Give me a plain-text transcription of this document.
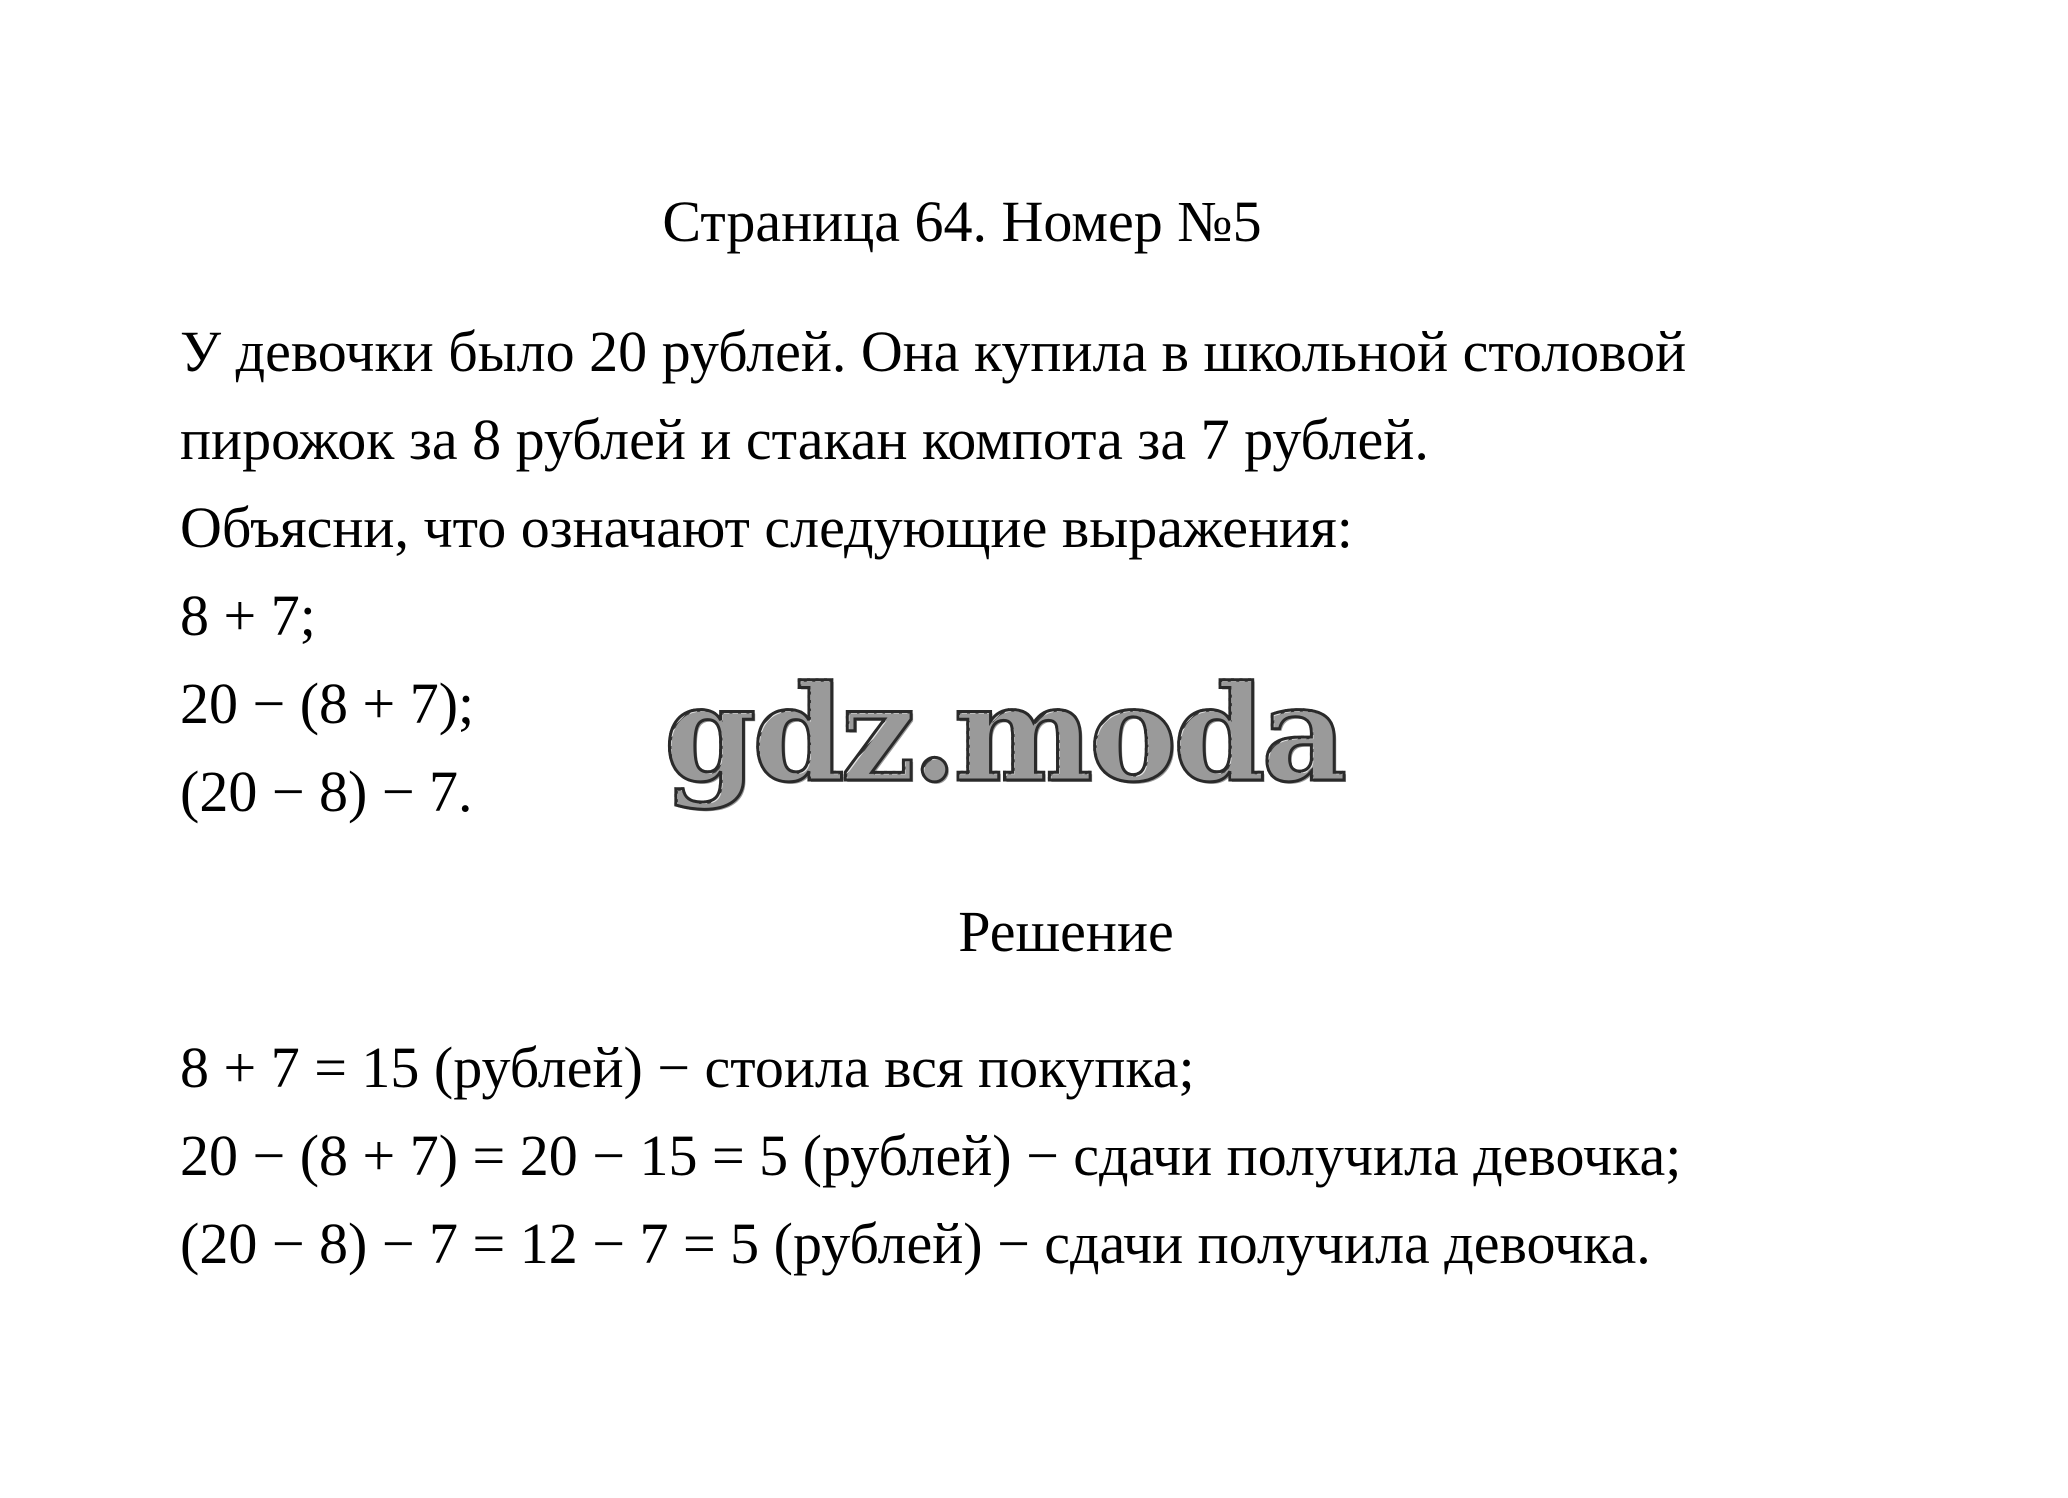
Страница 64. Номер №5
У девочки было 20 рублей. Она купила в школьной столовой
пирожок за 8 рублей и стакан компота за 7 рублей.
Объясни, что означают следующие выражения:
8 + 7;
20 − (8 + 7);
(20 − 8) − 7.	gdz.moda
Решение
8 + 7 = 15 (рублей) − стоила вся покупка;
20 − (8 + 7) = 20 − 15 = 5 (рублей) − сдачи получила девочка;
(20 − 8) − 7 = 12 − 7 = 5 (рублей) − сдачи получила девочка.
